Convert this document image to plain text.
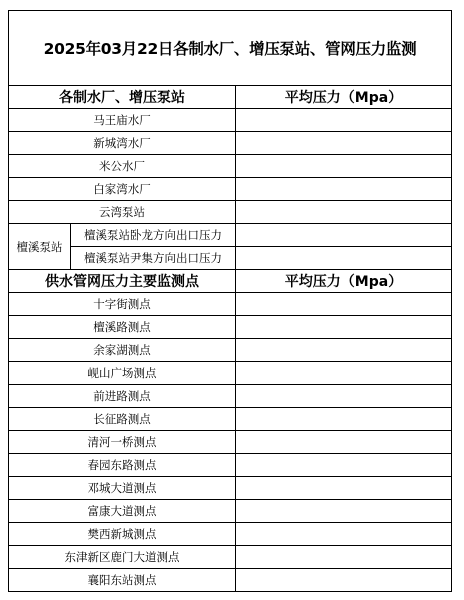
2025年03月22日各制水厂、增压泵站、管网压力监测		
各制水厂、增压泵站		平均压力（Mpa）
马王庙水厂		
新城湾水厂		
米公水厂		
白家湾水厂		
云湾泵站		
檀溪泵站	檀溪泵站卧龙方向出口压力	
	檀溪泵站尹集方向出口压力	
供水管网压力主要监测点		平均压力（Mpa）
十字街测点		
檀溪路测点		
余家湖测点		
岘山广场测点		
前进路测点		
长征路测点		
清河一桥测点		
春园东路测点		
邓城大道测点		
富康大道测点		
樊西新城测点		
东津新区鹿门大道测点		
襄阳东站测点		
